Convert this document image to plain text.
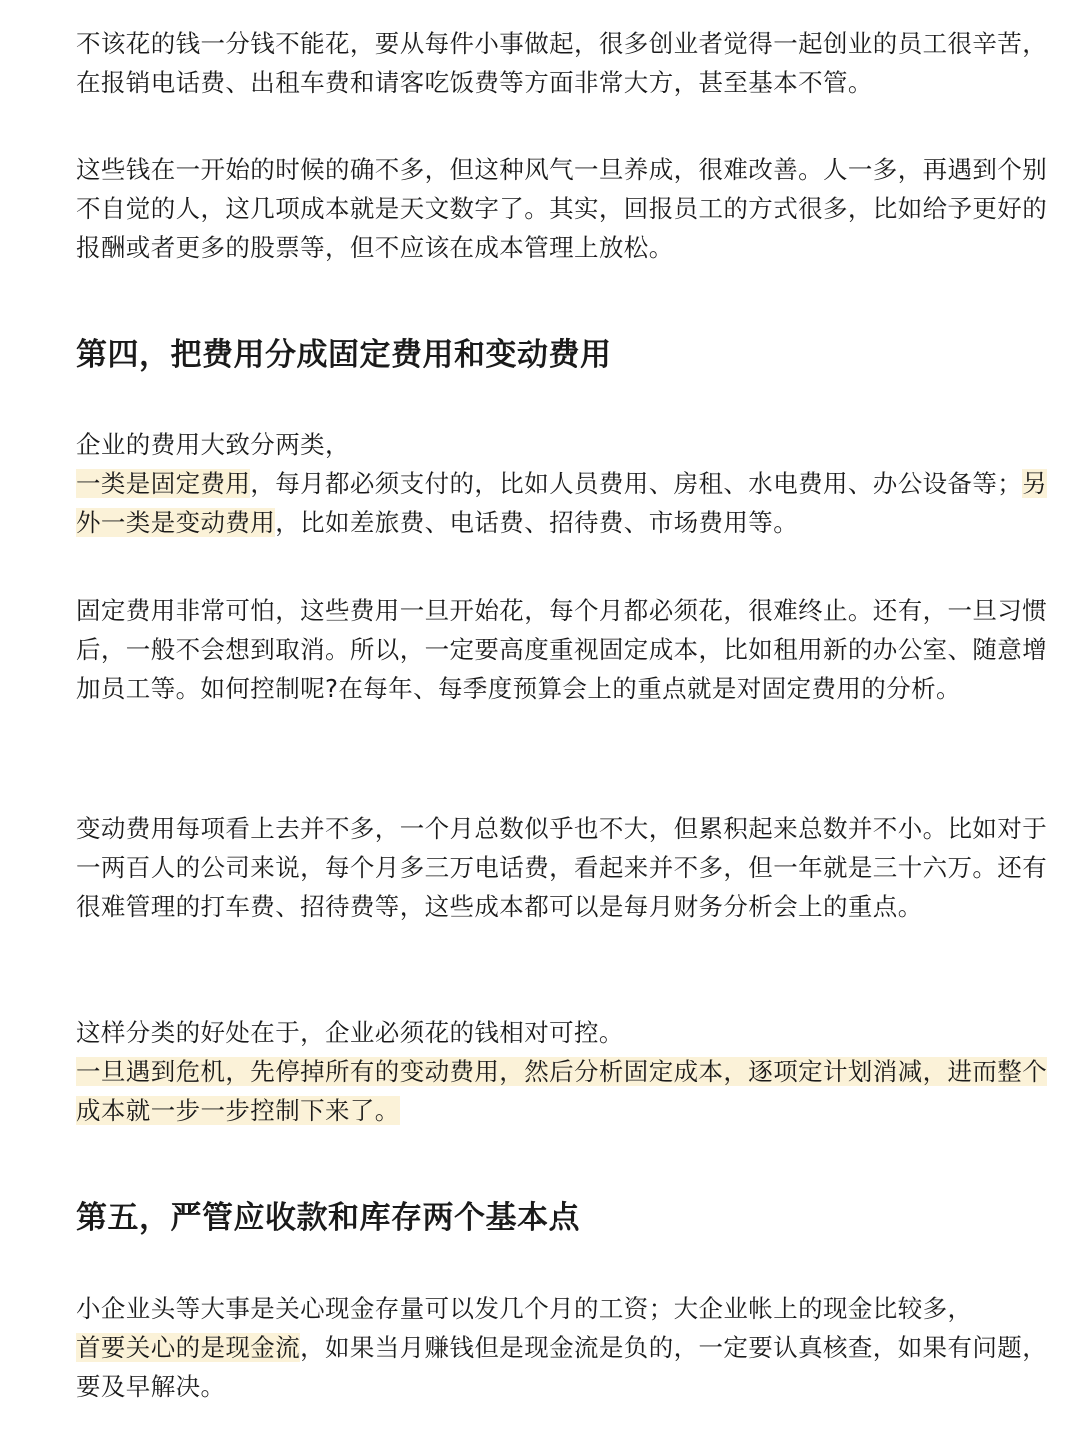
不该花的钱一分钱不能花，要从每件小事做起，很多创业者觉得一起创业的员工很辛苦，在报销电话费、出租车费和请客吃饭费等方面非常大方，甚至基本不管。

这些钱在一开始的时候的确不多，但这种风气一旦养成，很难改善。人一多，再遇到个别不自觉的人，这几项成本就是天文数字了。其实，回报员工的方式很多，比如给予更好的报酬或者更多的股票等，但不应该在成本管理上放松。

第四，把费用分成固定费用和变动费用

企业的费用大致分两类，
一类是固定费用，每月都必须支付的，比如人员费用、房租、水电费用、办公设备等；另外一类是变动费用，比如差旅费、电话费、招待费、市场费用等。

固定费用非常可怕，这些费用一旦开始花，每个月都必须花，很难终止。还有，一旦习惯后，一般不会想到取消。所以，一定要高度重视固定成本，比如租用新的办公室、随意增加员工等。如何控制呢?在每年、每季度预算会上的重点就是对固定费用的分析。

变动费用每项看上去并不多，一个月总数似乎也不大，但累积起来总数并不小。比如对于一两百人的公司来说，每个月多三万电话费，看起来并不多，但一年就是三十六万。还有很难管理的打车费、招待费等，这些成本都可以是每月财务分析会上的重点。

这样分类的好处在于，企业必须花的钱相对可控。
一旦遇到危机，先停掉所有的变动费用，然后分析固定成本，逐项定计划消减，进而整个成本就一步一步控制下来了。

第五，严管应收款和库存两个基本点

小企业头等大事是关心现金存量可以发几个月的工资；大企业帐上的现金比较多，
首要关心的是现金流，如果当月赚钱但是现金流是负的，一定要认真核查，如果有问题，要及早解决。
